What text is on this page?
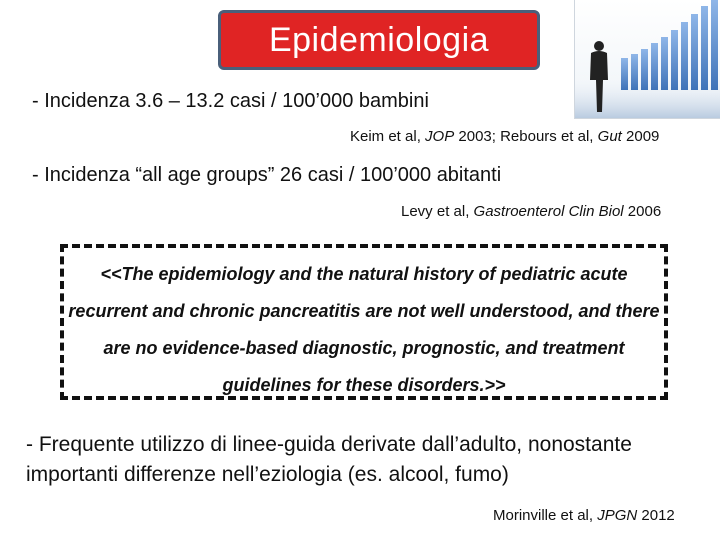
Epidemiologia
- Incidenza 3.6 – 13.2 casi / 100’000 bambini
Keim et al, JOP 2003; Rebours et al, Gut 2009
- Incidenza “all age groups” 26 casi / 100’000 abitanti
Levy et al, Gastroenterol Clin Biol 2006
<<The epidemiology and the natural history of pediatric acute recurrent and chronic pancreatitis are not well understood, and there are no evidence-based diagnostic, prognostic, and treatment guidelines for these disorders.>>
- Frequente utilizzo di linee-guida derivate dall’adulto, nonostante importanti differenze nell’eziologia (es. alcool, fumo)
Morinville et al, JPGN 2012
